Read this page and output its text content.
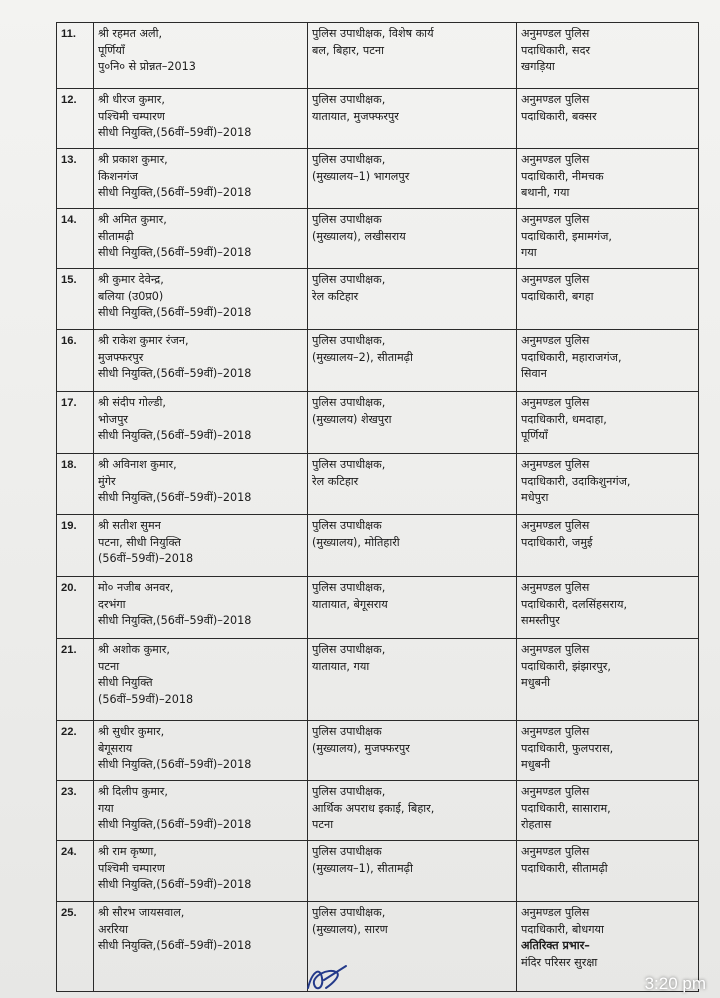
11.	श्री रहमत अली,
पूर्णियाँ
पु०नि० से प्रोन्नत–2013	पुलिस उपाधीक्षक, विशेष कार्य
बल, बिहार, पटना	अनुमण्डल पुलिस
पदाधिकारी, सदर
खगड़िया

12.	श्री धीरज कुमार,
पश्चिमी चम्पारण
सीधी नियुक्ति,(56वीं–59वीं)–2018	पुलिस उपाधीक्षक,
यातायात, मुजफ्फरपुर	अनुमण्डल पुलिस
पदाधिकारी, बक्सर

13.	श्री प्रकाश कुमार,
किशनगंज
सीधी नियुक्ति,(56वीं–59वीं)–2018	पुलिस उपाधीक्षक,
(मुख्यालय–1) भागलपुर	अनुमण्डल पुलिस
पदाधिकारी, नीमचक
बथानी, गया

14.	श्री अमित कुमार,
सीतामढ़ी
सीधी नियुक्ति,(56वीं–59वीं)–2018	पुलिस उपाधीक्षक
(मुख्यालय), लखीसराय	अनुमण्डल पुलिस
पदाधिकारी, इमामगंज,
गया

15.	श्री कुमार देवेन्द्र,
बलिया (उ0प्र0)
सीधी नियुक्ति,(56वीं–59वीं)–2018	पुलिस उपाधीक्षक,
रेल कटिहार	अनुमण्डल पुलिस
पदाधिकारी, बगहा

16.	श्री राकेश कुमार रंजन,
मुजफ्फरपुर
सीधी नियुक्ति,(56वीं–59वीं)–2018	पुलिस उपाधीक्षक,
(मुख्यालय–2), सीतामढ़ी	अनुमण्डल पुलिस
पदाधिकारी, महाराजगंज,
सिवान

17.	श्री संदीप गोल्डी,
भोजपुर
सीधी नियुक्ति,(56वीं–59वीं)–2018	पुलिस उपाधीक्षक,
(मुख्यालय) शेखपुरा	अनुमण्डल पुलिस
पदाधिकारी, धमदाहा,
पूर्णियाँ

18.	श्री अविनाश कुमार,
मुंगेर
सीधी नियुक्ति,(56वीं–59वीं)–2018	पुलिस उपाधीक्षक,
रेल कटिहार	अनुमण्डल पुलिस
पदाधिकारी, उदाकिशुनगंज,
मधेपुरा

19.	श्री सतीश सुमन
पटना, सीधी नियुक्ति
(56वीं–59वीं)–2018	पुलिस उपाधीक्षक
(मुख्यालय), मोतिहारी	अनुमण्डल पुलिस
पदाधिकारी, जमुई

20.	मो० नजीब अनवर,
दरभंगा
सीधी नियुक्ति,(56वीं–59वीं)–2018	पुलिस उपाधीक्षक,
यातायात, बेगूसराय	अनुमण्डल पुलिस
पदाधिकारी, दलसिंहसराय,
समस्तीपुर

21.	श्री अशोक कुमार,
पटना
सीधी नियुक्ति
(56वीं–59वीं)–2018	पुलिस उपाधीक्षक,
यातायात, गया	अनुमण्डल पुलिस
पदाधिकारी, झंझारपुर,
मधुबनी

22.	श्री सुधीर कुमार,
बेगूसराय
सीधी नियुक्ति,(56वीं–59वीं)–2018	पुलिस उपाधीक्षक
(मुख्यालय), मुजफ्फरपुर	अनुमण्डल पुलिस
पदाधिकारी, फुलपरास,
मधुबनी

23.	श्री दिलीप कुमार,
गया
सीधी नियुक्ति,(56वीं–59वीं)–2018	पुलिस उपाधीक्षक,
आर्थिक अपराध इकाई, बिहार,
पटना	अनुमण्डल पुलिस
पदाधिकारी, सासाराम,
रोहतास

24.	श्री राम कृष्णा,
पश्चिमी चम्पारण
सीधी नियुक्ति,(56वीं–59वीं)–2018	पुलिस उपाधीक्षक
(मुख्यालय–1), सीतामढ़ी	अनुमण्डल पुलिस
पदाधिकारी, सीतामढ़ी

25.	श्री सौरभ जायसवाल,
अररिया
सीधी नियुक्ति,(56वीं–59वीं)–2018	पुलिस उपाधीक्षक,
(मुख्यालय), सारण	अनुमण्डल पुलिस
पदाधिकारी, बोधगया
अतिरिक्त प्रभार–
मंदिर परिसर सुरक्षा
3:20 pm
